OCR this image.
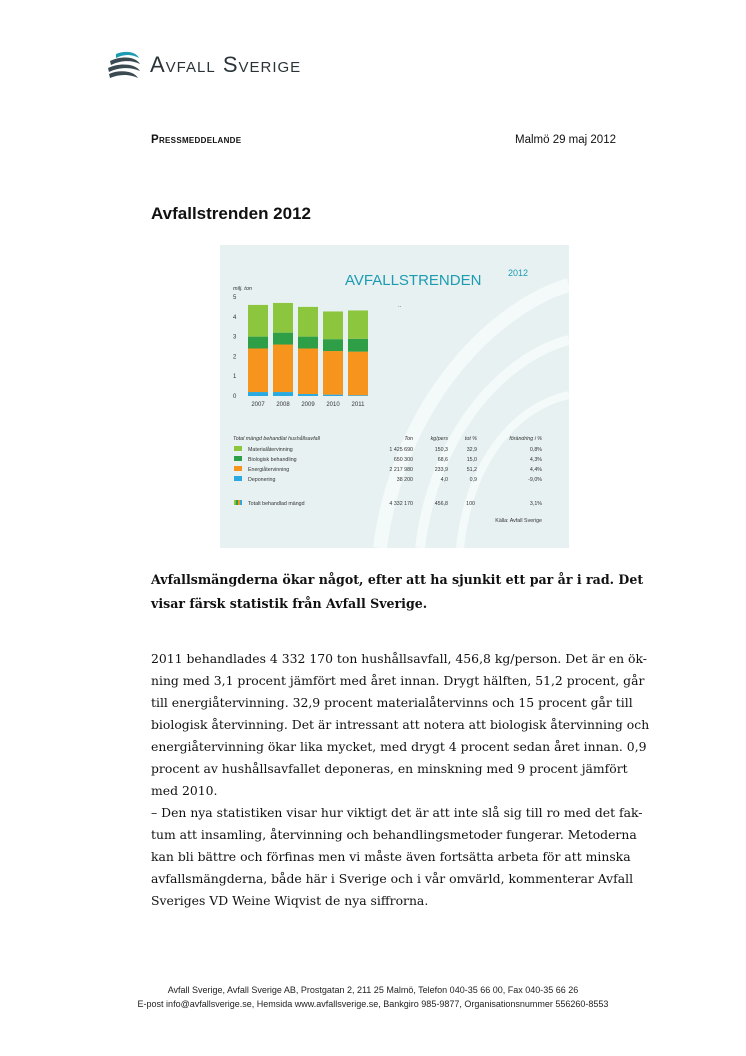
Avfall Sverige
Pressmeddelande	Malmö 29 maj 2012
Avfallstrenden 2012
AVFALLSTRENDEN	2012
milj. ton
..
0
1
2
3
4
5
2007 2008 2009 2010 2011
Total mängd behandlat hushållsavfall	Ton	kg/pers	tot %	förändring i %
Materialåtervinning	1 425 690	150,3	32,9	0,8%
Biologisk behandling	650 300	68,6	15,0	4,3%
Energiåtervinning	2 217 980	233,9	51,2	4,4%
Deponering	38 200	4,0	0,9	-9,0%
Totalt behandlad mängd	4 332 170	456,8	100	3,1%
Källa: Avfall Sverige
Avfallsmängderna ökar något, efter att ha sjunkit ett par år i rad. Det visar färsk statistik från Avfall Sverige.

2011 behandlades 4 332 170 ton hushållsavfall, 456,8 kg/person. Det är en ök-ning med 3,1 procent jämfört med året innan. Drygt hälften, 51,2 procent, går till energiåtervinning. 32,9 procent materialåtervinns och 15 procent går till biologisk återvinning. Det är intressant att notera att biologisk återvinning och energiåtervinning ökar lika mycket, med drygt 4 procent sedan året innan. 0,9 procent av hushållsavfallet deponeras, en minskning med 9 procent jämfört med 2010.

– Den nya statistiken visar hur viktigt det är att inte slå sig till ro med det fak-tum att insamling, återvinning och behandlingsmetoder fungerar. Metoderna kan bli bättre och förfinas men vi måste även fortsätta arbeta för att minska avfallsmängderna, både här i Sverige och i vår omvärld, kommenterar Avfall Sveriges VD Weine Wiqvist de nya siffrorna.

Avfall Sverige, Avfall Sverige AB, Prostgatan 2, 211 25 Malmö, Telefon 040-35 66 00, Fax 040-35 66 26
E-post info@avfallsverige.se, Hemsida www.avfallsverige.se, Bankgiro 985-9877, Organisationsnummer 556260-8553
